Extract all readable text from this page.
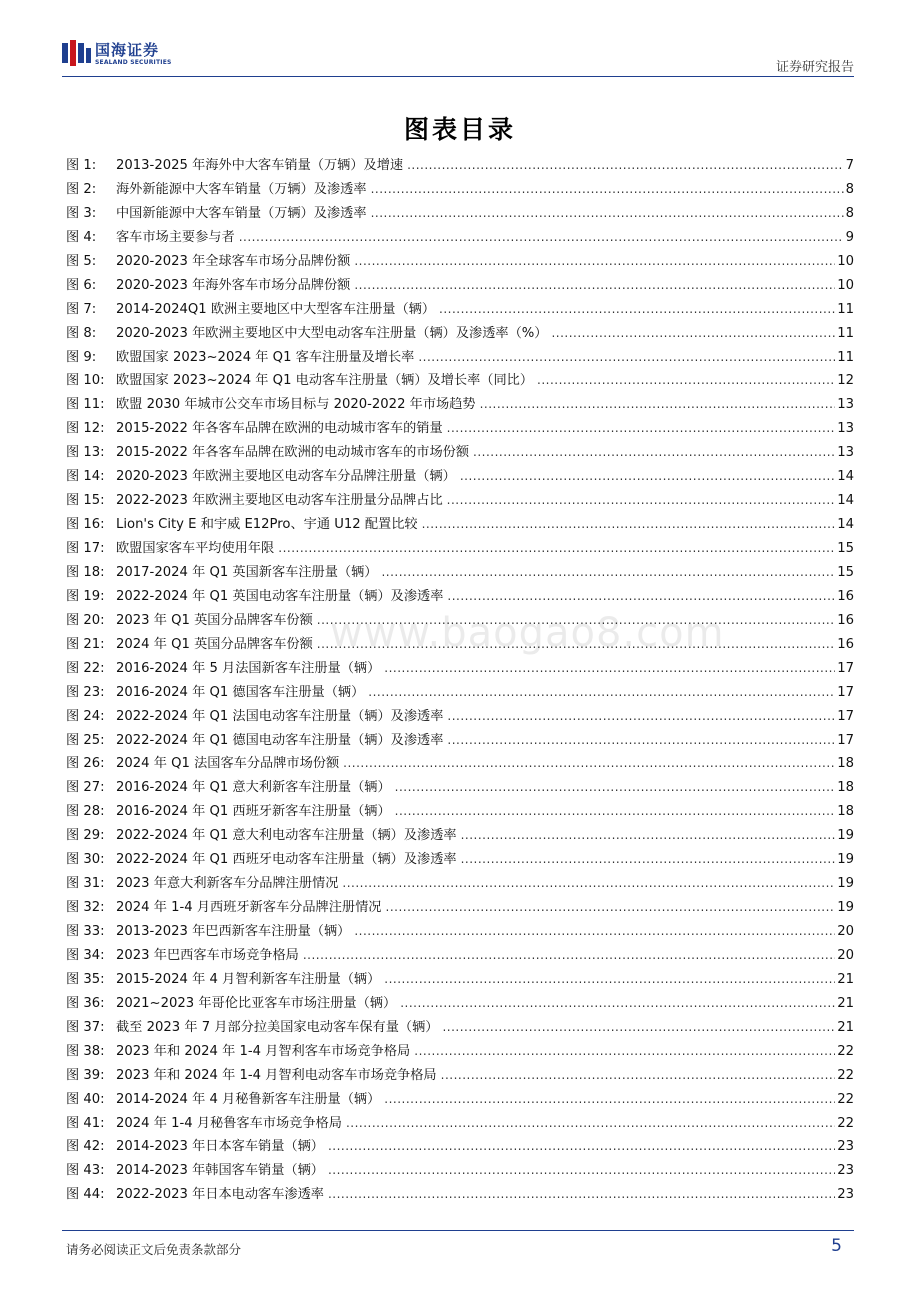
国海证券
SEALAND SECURITIES	证券研究报告
图表目录
图 1:	2013-2025 年海外中大客车销量（万辆）及增速 .....	7
图 2:	海外新能源中大客车销量（万辆）及渗透率 .....	8
图 3:	中国新能源中大客车销量（万辆）及渗透率 .....	8
图 4:	客车市场主要参与者 .....	9
图 5:	2020-2023 年全球客车市场分品牌份额 .....	10
图 6:	2020-2023 年海外客车市场分品牌份额 .....	10
图 7:	2014-2024Q1 欧洲主要地区中大型客车注册量（辆） .....	11
图 8:	2020-2023 年欧洲主要地区中大型电动客车注册量（辆）及渗透率（%） .....	11
图 9:	欧盟国家 2023~2024 年 Q1 客车注册量及增长率 .....	11
图 10: 欧盟国家 2023~2024 年 Q1 电动客车注册量（辆）及增长率（同比） .....	12
图 11: 欧盟 2030 年城市公交车市场目标与 2020-2022 年市场趋势 .....	13
图 12: 2015-2022 年各客车品牌在欧洲的电动城市客车的销量 .....	13
图 13: 2015-2022 年各客车品牌在欧洲的电动城市客车的市场份额 .....	13
图 14: 2020-2023 年欧洲主要地区电动客车分品牌注册量（辆） .....	14
图 15: 2022-2023 年欧洲主要地区电动客车注册量分品牌占比 .....	14
图 16: Lion's City E 和宇威 E12Pro、宇通 U12 配置比较 .....	14
图 17: 欧盟国家客车平均使用年限 .....	15
图 18: 2017-2024 年 Q1 英国新客车注册量（辆） .....	15
图 19: 2022-2024 年 Q1 英国电动客车注册量（辆）及渗透率 .....	16
图 20: 2023 年 Q1 英国分品牌客车份额 .....	16
图 21: 2024 年 Q1 英国分品牌客车份额 .....	16
图 22: 2016-2024 年 5 月法国新客车注册量（辆） .....	17
图 23: 2016-2024 年 Q1 德国客车注册量（辆） .....	17
图 24: 2022-2024 年 Q1 法国电动客车注册量（辆）及渗透率 .....	17
图 25: 2022-2024 年 Q1 德国电动客车注册量（辆）及渗透率 .....	17
图 26: 2024 年 Q1 法国客车分品牌市场份额 .....	18
图 27: 2016-2024 年 Q1 意大利新客车注册量（辆） .....	18
图 28: 2016-2024 年 Q1 西班牙新客车注册量（辆） .....	18
图 29: 2022-2024 年 Q1 意大利电动客车注册量（辆）及渗透率 .....	19
图 30: 2022-2024 年 Q1 西班牙电动客车注册量（辆）及渗透率 .....	19
图 31: 2023 年意大利新客车分品牌注册情况 .....	19
图 32: 2024 年 1-4 月西班牙新客车分品牌注册情况 .....	19
图 33: 2013-2023 年巴西新客车注册量（辆） .....	20
图 34: 2023 年巴西客车市场竞争格局 .....	20
图 35: 2015-2024 年 4 月智利新客车注册量（辆） .....	21
图 36: 2021~2023 年哥伦比亚客车市场注册量（辆） .....	21
图 37: 截至 2023 年 7 月部分拉美国家电动客车保有量（辆） .....	21
图 38: 2023 年和 2024 年 1-4 月智利客车市场竞争格局 .....	22
图 39: 2023 年和 2024 年 1-4 月智利电动客车市场竞争格局 .....	22
图 40: 2014-2024 年 4 月秘鲁新客车注册量（辆） .....	22
图 41: 2024 年 1-4 月秘鲁客车市场竞争格局 .....	22
图 42: 2014-2023 年日本客车销量（辆） .....	23
图 43: 2014-2023 年韩国客车销量（辆） .....	23
图 44: 2022-2023 年日本电动客车渗透率 .....	23
www.baogao8.com
请务必阅读正文后免责条款部分	5
